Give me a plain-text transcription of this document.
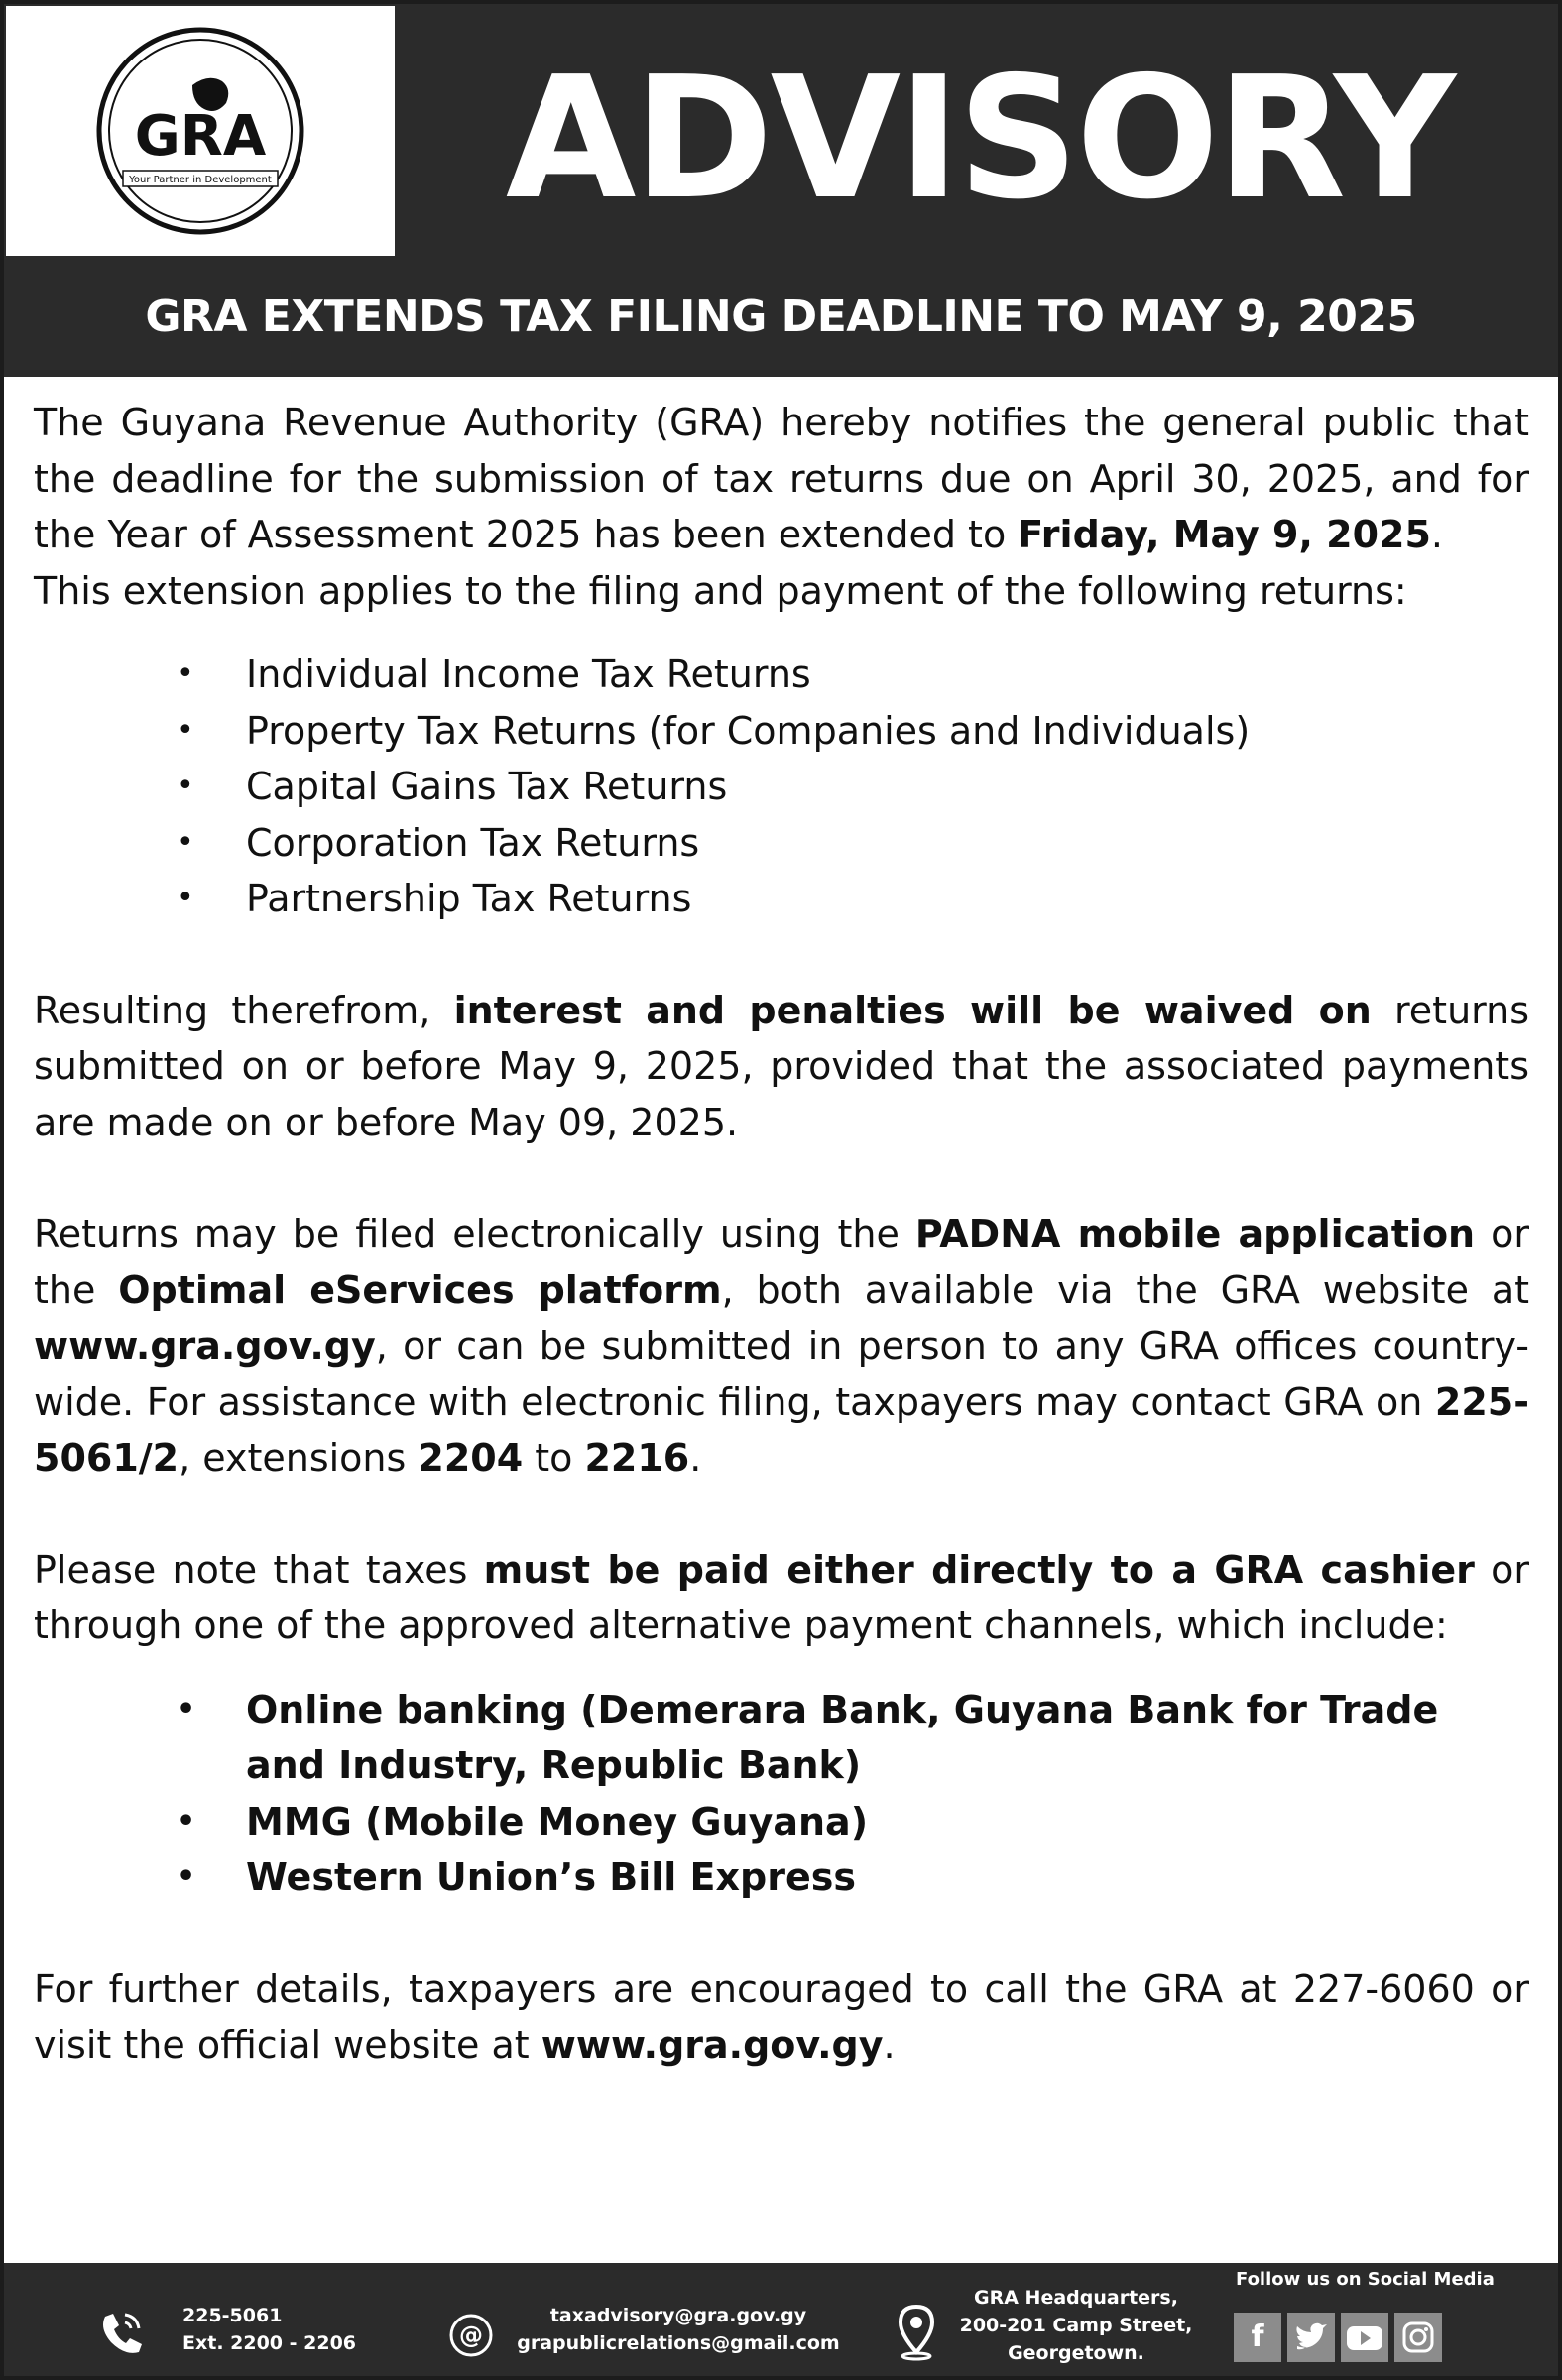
GRA
Your Partner in Development	ADVISORY
GRA EXTENDS TAX FILING DEADLINE TO MAY 9, 2025

The Guyana Revenue Authority (GRA) hereby notifies the general public that the deadline for the submission of tax returns due on April 30, 2025, and for the Year of Assessment 2025 has been extended to Friday, May 9, 2025.
This extension applies to the filing and payment of the following returns:

• Individual Income Tax Returns
• Property Tax Returns (for Companies and Individuals)
• Capital Gains Tax Returns
• Corporation Tax Returns
• Partnership Tax Returns

Resulting therefrom, interest and penalties will be waived on returns submitted on or before May 9, 2025, provided that the associated payments are made on or before May 09, 2025.

Returns may be filed electronically using the PADNA mobile application or the Optimal eServices platform, both available via the GRA website at www.gra.gov.gy, or can be submitted in person to any GRA offices country-wide. For assistance with electronic filing, taxpayers may contact GRA on 225-5061/2, extensions 2204 to 2216.

Please note that taxes must be paid either directly to a GRA cashier or through one of the approved alternative payment channels, which include:

• Online banking (Demerara Bank, Guyana Bank for Trade and Industry, Republic Bank)
• MMG (Mobile Money Guyana)
• Western Union’s Bill Express

For further details, taxpayers are encouraged to call the GRA at 227-6060 or visit the official website at www.gra.gov.gy.

225-5061
Ext. 2200 - 2206	@
taxadvisory@gra.gov.gy
grapublicrelations@gmail.com
GRA Headquarters,
200-201 Camp Street,
Georgetown.
Follow us on Social Media
f
